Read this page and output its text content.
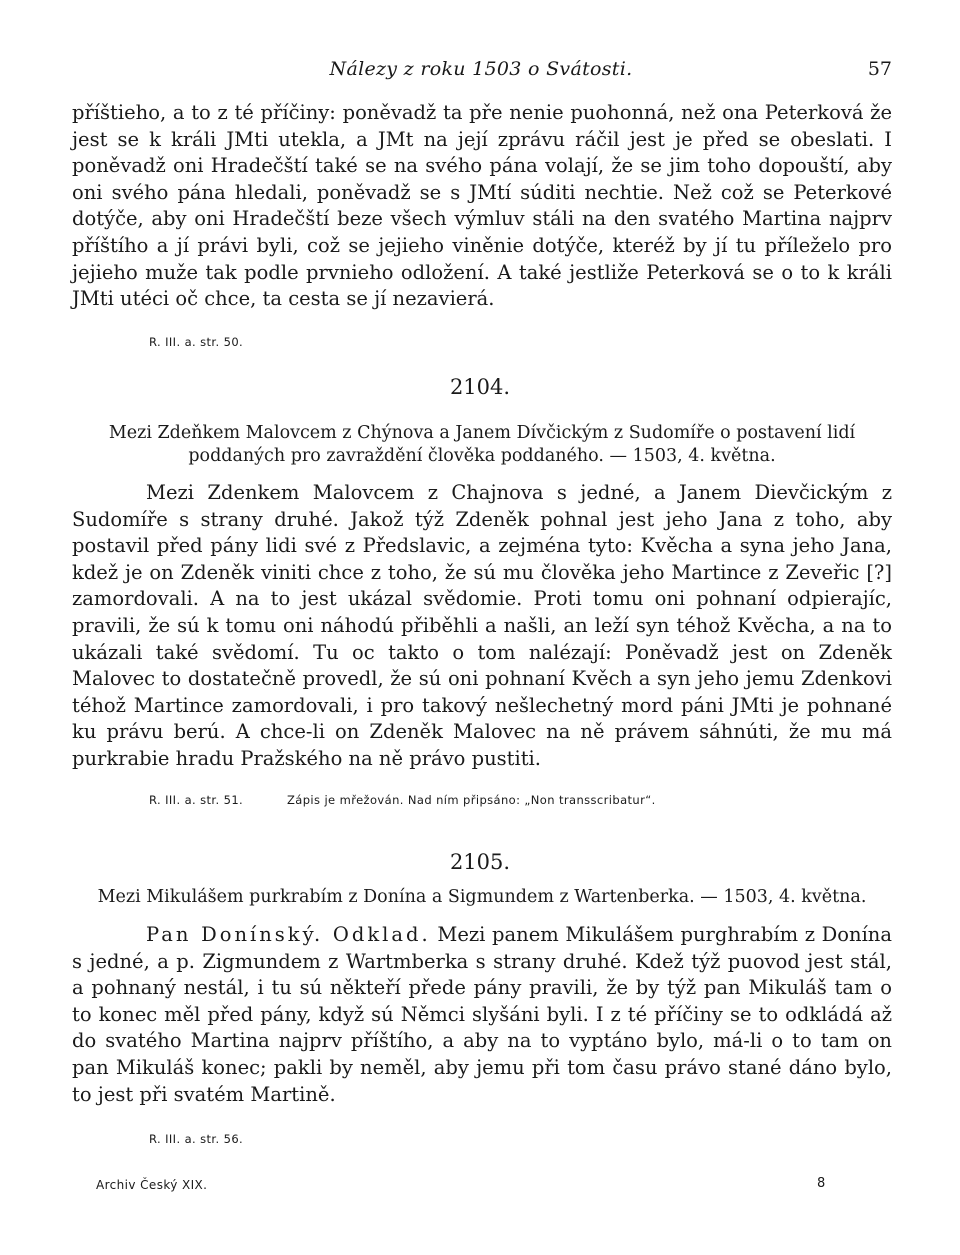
Nálezy z roku 1503 o Svátosti.	57

příštieho, a to z té příčiny: poněvadž ta pře nenie puohonná, než ona Peterková že jest se k králi JMti utekla, a JMt na její zprávu ráčil jest je před se obeslati. I poněvadž oni Hradečští také se na svého pána volají, že se jim toho dopouští, aby oni svého pána hledali, poněvadž se s JMtí súditi nechtie. Než což se Peterkové dotýče, aby oni Hradečští beze všech výmluv stáli na den svatého Martina najprv příštího a jí právi byli, což se jejieho viněnie dotýče, kteréž by jí tu příleželo pro jejieho muže tak podle prvnieho odložení. A také jestliže Peterková se o to k králi JMti utéci oč chce, ta cesta se jí nezavierá.

R. III. a. str. 50.
2104.
Mezi Zdeňkem Malovcem z Chýnova a Janem Dívčickým z Sudomíře o postavení lidí poddaných pro zavraždění člověka poddaného. — 1503, 4. května.

Mezi Zdenkem Malovcem z Chajnova s jedné, a Janem Dievčickým z Sudomíře s strany druhé. Jakož týž Zdeněk pohnal jest jeho Jana z toho, aby postavil před pány lidi své z Předslavic, a zejména tyto: Kvěcha a syna jeho Jana, kdež je on Zdeněk viniti chce z toho, že sú mu člověka jeho Martince z Zeveřic [?] zamordovali. A na to jest ukázal svědomie. Proti tomu oni pohnaní odpierajíc, pravili, že sú k tomu oni náhodú přiběhli a našli, an leží syn téhož Kvěcha, a na to ukázali také svědomí. Tu oc takto o tom nalézají: Poněvadž jest on Zdeněk Malovec to dostatečně provedl, že sú oni pohnaní Kvěch a syn jeho jemu Zdenkovi téhož Martince zamordovali, i pro takový nešlechetný mord páni JMti je pohnané ku právu berú. A chce-li on Zdeněk Malovec na ně právem sáhnúti, že mu má purkrabie hradu Pražského na ně právo pustiti.

R. III. a. str. 51.	Zápis je mřežován. Nad ním připsáno: „Non transscribatur“.
2105.
Mezi Mikulášem purkrabím z Donína a Sigmundem z Wartenberka. — 1503, 4. května.

Pan Donínský. Odklad. Mezi panem Mikulášem purghrabím z Donína s jedné, a p. Zigmundem z Wartmberka s strany druhé. Kdež týž puovod jest stál, a pohnaný nestál, i tu sú někteří přede pány pravili, že by týž pan Mikuláš tam o to konec měl před pány, když sú Němci slyšáni byli. I z té příčiny se to odkládá až do svatého Martina najprv příštího, a aby na to vyptáno bylo, má-li o to tam on pan Mikuláš konec; pakli by neměl, aby jemu při tom času právo stané dáno bylo, to jest při svatém Martině.

R. III. a. str. 56.
Archiv Český XIX.	8
